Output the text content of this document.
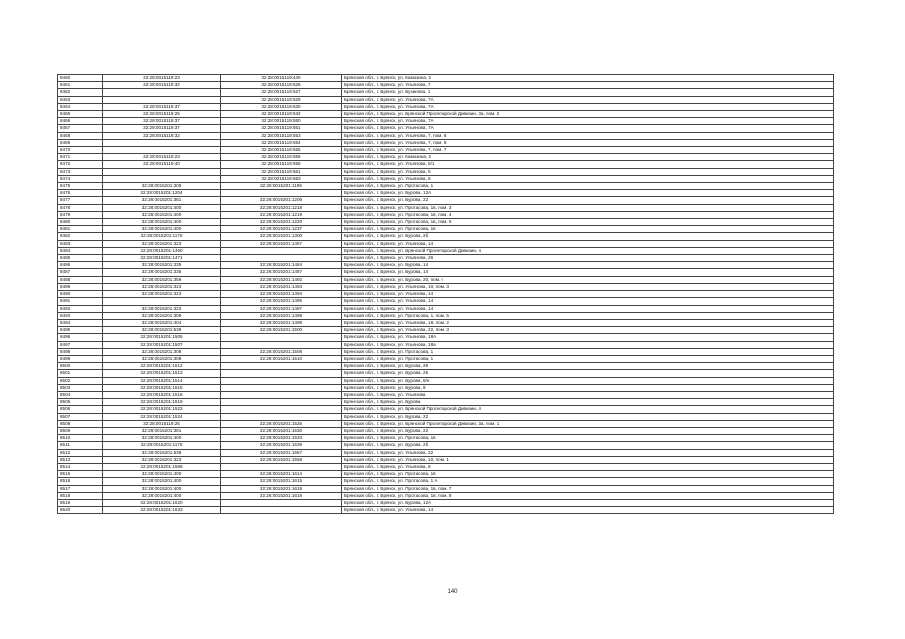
8460	32:28:0015119:23	32:28:0015119:440	Брянская обл., г. Брянск, ул. Камозина, 2
8461	32:28:0015119:32	32:28:0015119:526	Брянская обл., г. Брянск, ул. Ульянова, 7
8462		32:28:0015119:527	Брянская обл., г. Брянск, ул. Бузинова, 1
8463		32:28:0015119:529	Брянская обл., г. Брянск, ул. Ульянова, 7А
8464	32:28:0015119:37	32:28:0015119:530	Брянская обл., г. Брянск, ул. Ульянова, 7А
8465	32:28:0015119:25	32:28:0015119:532	Брянская обл., г. Брянск, ул. Брянской Пролетарской Дивизии, 3а, пом. 2
8466	32:28:0015119:37	32:28:0015119:550	Брянская обл., г. Брянск, ул. Ульянова, 7А
8467	32:28:0015119:37	32:28:0015119:551	Брянская обл., г. Брянск, ул. Ульянова, 7А
8468	32:28:0015119:32	32:28:0015119:553	Брянская обл., г. Брянск, ул. Ульянова, 7, пом. 6
8469		32:28:0015119:554	Брянская обл., г. Брянск, ул. Ульянова, 7, пом. 8
8470		32:28:0015119:555	Брянская обл., г. Брянск, ул. Ульянова, 7, пом. 7
8471	32:28:0015119:23	32:28:0015119:556	Брянская обл., г. Брянск, ул. Камозина, 2
8472	32:28:0015119:40	32:28:0015119:558	Брянская обл., г. Брянск, ул. Ульянова, 5/1
8473		32:28:0015119:561	Брянская обл., г. Брянск, ул. Ульянова, 5
8474		32:28:0015119:563	Брянская обл., г. Брянск, ул. Ульянова, 5
8475	32:28:0015201:308	32:28:0015201:1195	Брянская обл., г. Брянск, ул. Протасова, 1
8476	32:28:0015201:1204		Брянская обл., г. Брянск, ул. Бурова, 12А
8477	32:28:0015201:381	32:28:0015201:1206	Брянская обл., г. Брянск, ул. Бурова, 22
8478	32:28:0015201:400	32:28:0015201:1218	Брянская обл., г. Брянск, ул. Протасова, 1в, пом. 3
8479	32:28:0015201:400	32:28:0015201:1219	Брянская обл., г. Брянск, ул. Протасова, 1в, пом. 4
8480	32:28:0015201:400	32:28:0015201:1220	Брянская обл., г. Брянск, ул. Протасова, 1в, пом. 5
8481	32:28:0015201:400	32:28:0015201:1237	Брянская обл., г. Брянск, ул. Протасова, 1в
8482	32:28:0015201:1175	32:28:0015201:1300	Брянская обл., г. Брянск, ул. Бурова, 2б
8483	32:28:0015201:323	32:28:0015201:1457	Брянская обл., г. Брянск, ул. Ульянова, 14
8484	32:28:0015201:1460		Брянская обл., г. Брянск, ул. Брянской Пролетарской Дивизии, 4
8485	32:28:0015201:1471		Брянская обл., г. Брянск, ул. Ульянова, 26
8486	32:28:0015201:335	32:28:0015201:1484	Брянская обл., г. Брянск, ул. Бурова, 14
8487	32:28:0015201:335	32:28:0015201:1487	Брянская обл., г. Брянск, ул. Бурова, 14
8488	32:28:0015201:359	32:28:0015201:1492	Брянская обл., г. Брянск, ул. Бурова, 20, пом. I
8489	32:28:0015201:323	32:28:0015201:1493	Брянская обл., г. Брянск, ул. Ульянова, 10, пом. 3
8490	32:28:0015201:323	32:28:0015201:1494	Брянская обл., г. Брянск, ул. Ульянова, 14
8491		32:28:0015201:1495	Брянская обл., г. Брянск, ул. Ульянова, 14
8492	32:28:0015201:323	32:28:0015201:1497	Брянская обл., г. Брянск, ул. Ульянова, 14
8493	32:28:0015201:308	32:28:0015201:1498	Брянская обл., г. Брянск, ул. Протасова, 1, пом. 5
8494	32:28:0015201:404	32:28:0015201:1499	Брянская обл., г. Брянск, ул. Ульянова, 18, пом. 2
8495	32:28:0015201:538	32:28:0015201:1500	Брянская обл., г. Брянск, ул. Ульянова, 22, пом. 3
8496	32:28:0015201:1505		Брянская обл., г. Брянск, ул. Ульянова, 18А
8497	32:28:0015201:1507		Брянская обл., г. Брянск, ул. Ульянова, 18а
8498	32:28:0015201:308	32:28:0015201:1508	Брянская обл., г. Брянск, ул. Протасова, 1
8499	32:28:0015201:308	32:28:0015201:1510	Брянская обл., г. Брянск, ул. Протасова, 1
8500	32:28:0015201:1512		Брянская обл., г. Брянск, ул. Бурова, 26
8501	32:28:0015201:1513		Брянская обл., г. Брянск, ул. Бурова, 2в
8502	32:28:0015201:1514		Брянская обл., г. Брянск, ул. Бурова, 6/н
8503	32:28:0015201:1515		Брянская обл., г. Брянск, ул. Бурова, 9
8504	32:28:0015201:1518		Брянская обл., г. Брянск, ул. Ульянова
8505	32:28:0015201:1519		Брянская обл., г. Брянск, ул. Бурова
8506	32:28:0015201:1523		Брянская обл., г. Брянск, ул. Брянской Пролетарской Дивизии, 4
8507	32:28:0015201:1524		Брянская обл., г. Брянск, ул. Бурова, 22
8508	32:28:0015119:25	32:28:0015201:1525	Брянская обл., г. Брянск, ул. Брянской Пролетарской Дивизии, 3а, пом. 1
8509	32:28:0015201:381	32:28:0015201:1530	Брянская обл., г. Брянск, ул. Бурова, 22
8510	32:28:0015201:400	32:28:0015201:1533	Брянская обл., г. Брянск, ул. Протасова, 1в
8511	32:28:0015201:1175	32:28:0015201:1539	Брянская обл., г. Брянск, ул. Бурова, 2б
8512	32:28:0015201:538	32:28:0015201:1557	Брянская обл., г. Брянск, ул. Ульянова, 22
8513	32:28:0015201:323	32:28:0015201:1558	Брянская обл., г. Брянск, ул. Ульянова, 10, пом. 1
8514	32:28:0015201:1568		Брянская обл., г. Брянск, ул. Ульянова, 8
8515	32:28:0015201:400	32:28:0015201:1614	Брянская обл., г. Брянск, ул. Протасова, 1в
8516	32:28:0015201:400	32:28:0015201:1615	Брянская обл., г. Брянск, ул. Протасова, 1 А
8517	32:28:0015201:400	32:28:0015201:1618	Брянская обл., г. Брянск, ул. Протасова, 1в, пом. 7
8518	32:28:0015201:400	32:28:0015201:1619	Брянская обл., г. Брянск, ул. Протасова, 1в, пом. 8
8519	32:28:0015201:1620		Брянская обл., г. Брянск, ул. Бурова, 12А
8520	32:28:0015201:1633		Брянская обл., г. Брянск, ул. Ульянова, 14
140
